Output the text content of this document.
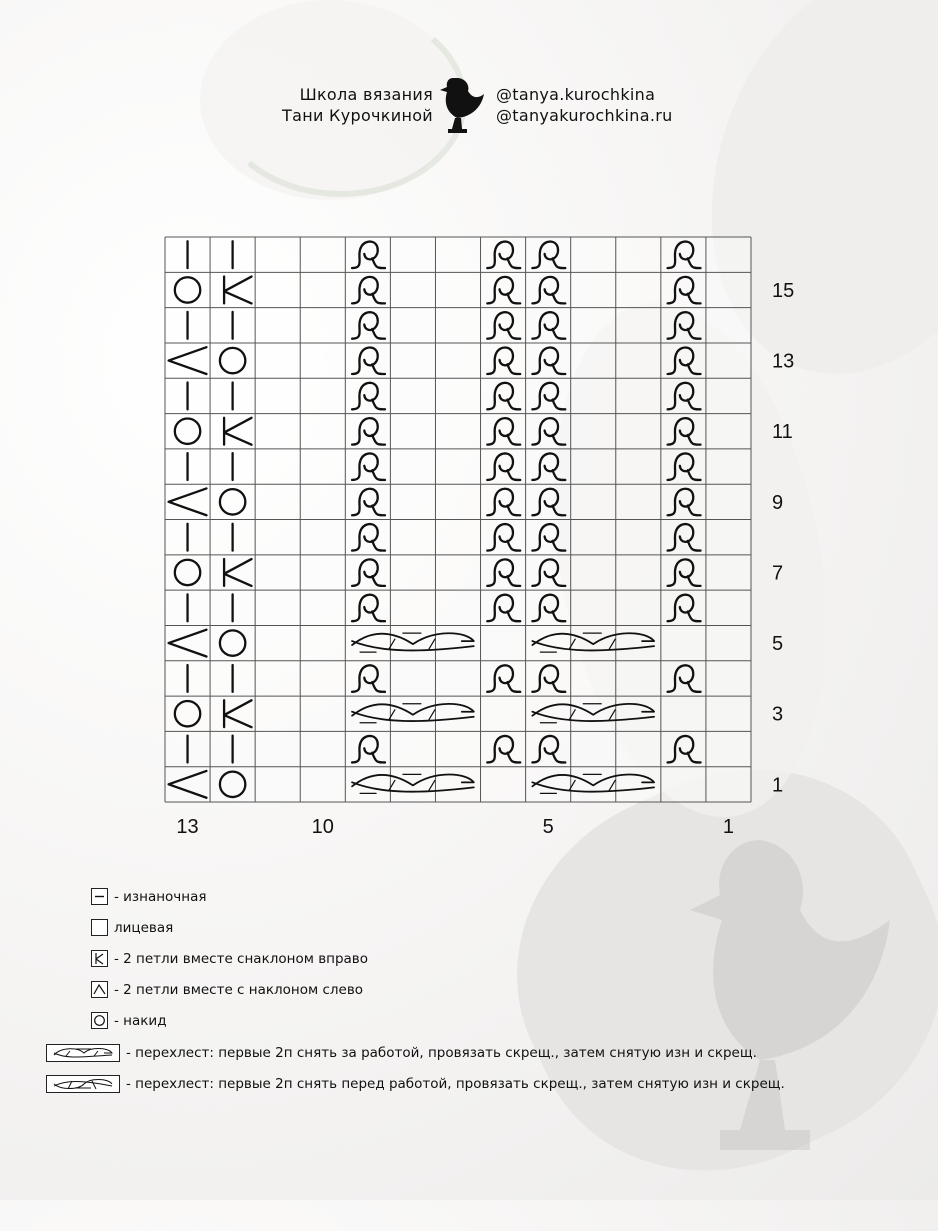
Школа вязания
Тани Курочкиной
@tanya.kurochkina
@tanyakurochkina.ru
1
3
5
7
9
11
13
15
13	10	5	1
- изнаночная
лицевая
- 2 петли вместе снаклоном вправо
- 2 петли вместе с наклоном слево
- накид
- перехлест: первые 2п снять за работой, провязать скрещ., затем снятую изн и скрещ.
- перехлест: первые 2п снять перед работой, провязать скрещ., затем снятую изн и скрещ.
